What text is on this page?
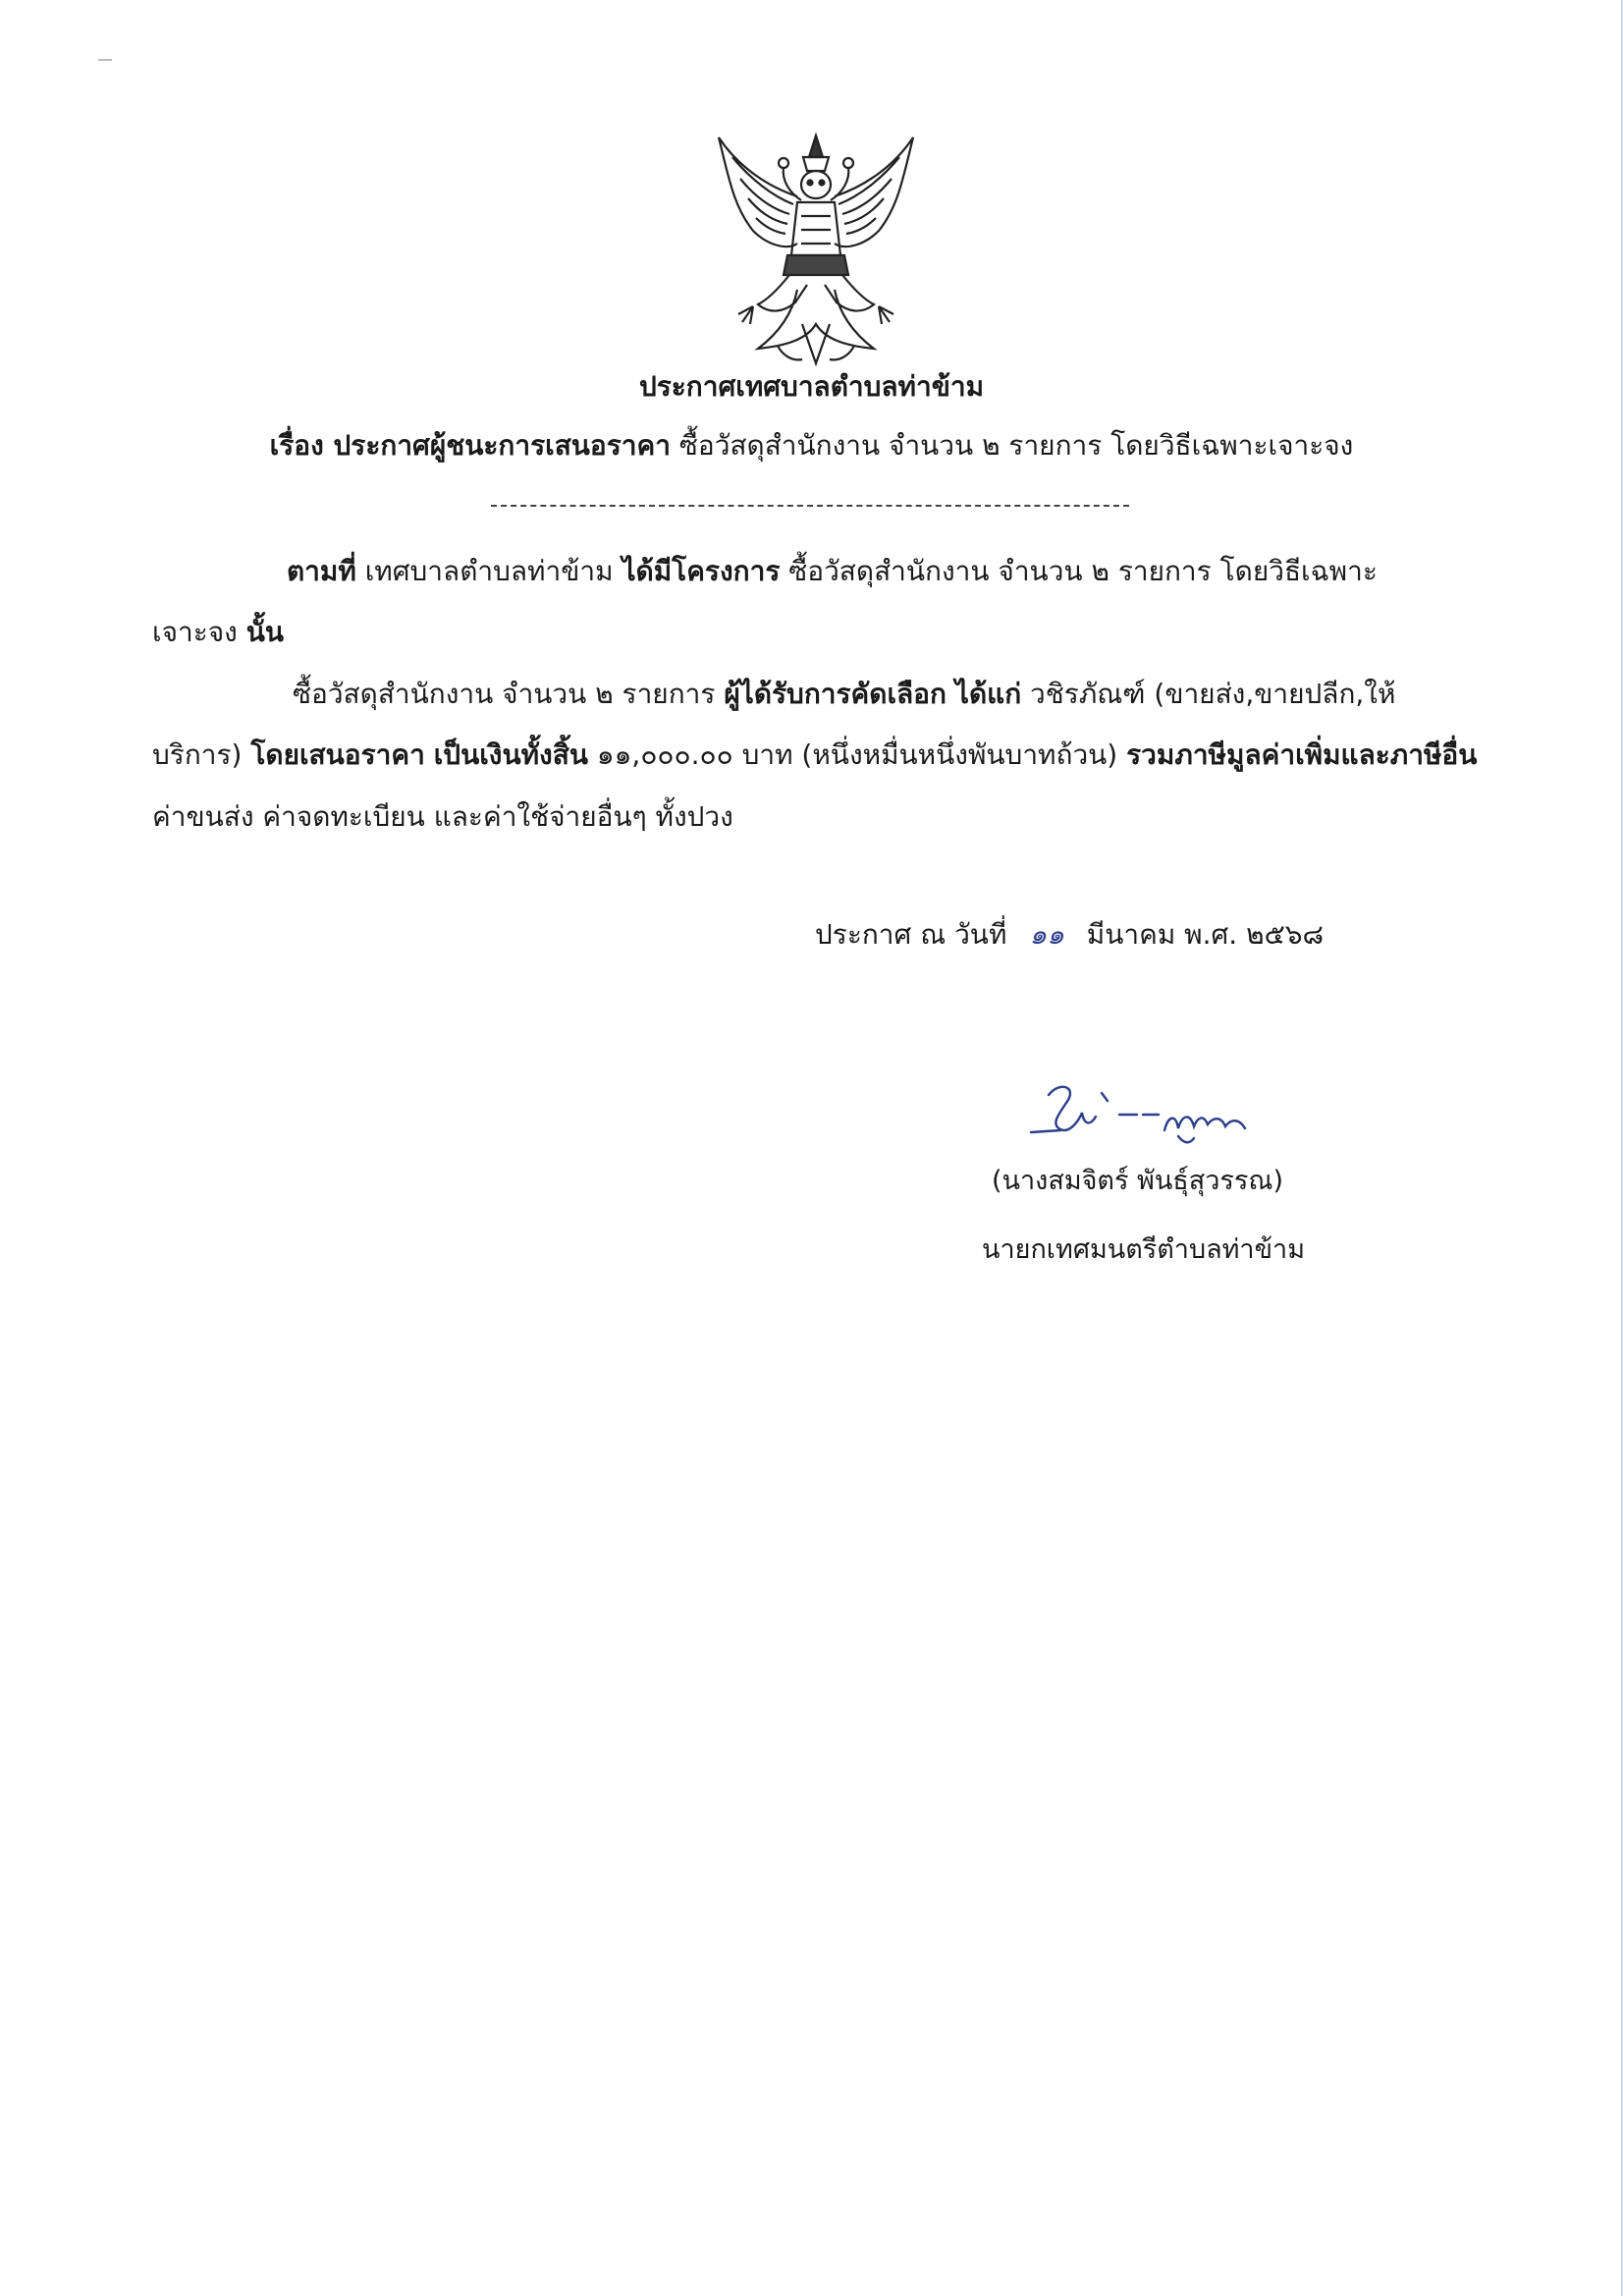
ประกาศเทศบาลตำบลท่าข้าม
เรื่อง ประกาศผู้ชนะการเสนอราคา ซื้อวัสดุสำนักงาน จำนวน ๒ รายการ โดยวิธีเฉพาะเจาะจง
ตามที่ เทศบาลตำบลท่าข้าม ได้มีโครงการ ซื้อวัสดุสำนักงาน จำนวน ๒ รายการ โดยวิธีเฉพาะ
เจาะจง นั้น
ซื้อวัสดุสำนักงาน จำนวน ๒ รายการ ผู้ได้รับการคัดเลือก ได้แก่ วชิรภัณฑ์ (ขายส่ง,ขายปลีก,ให้
บริการ) โดยเสนอราคา เป็นเงินทั้งสิ้น ๑๑,๐๐๐.๐๐ บาท (หนึ่งหมื่นหนึ่งพันบาทถ้วน) รวมภาษีมูลค่าเพิ่มและภาษีอื่น
ค่าขนส่ง ค่าจดทะเบียน และค่าใช้จ่ายอื่นๆ ทั้งปวง
ประกาศ ณ วันที่ ๑๑ มีนาคม พ.ศ. ๒๕๖๘
(นางสมจิตร์ พันธุ์สุวรรณ)
นายกเทศมนตรีตำบลท่าข้าม
